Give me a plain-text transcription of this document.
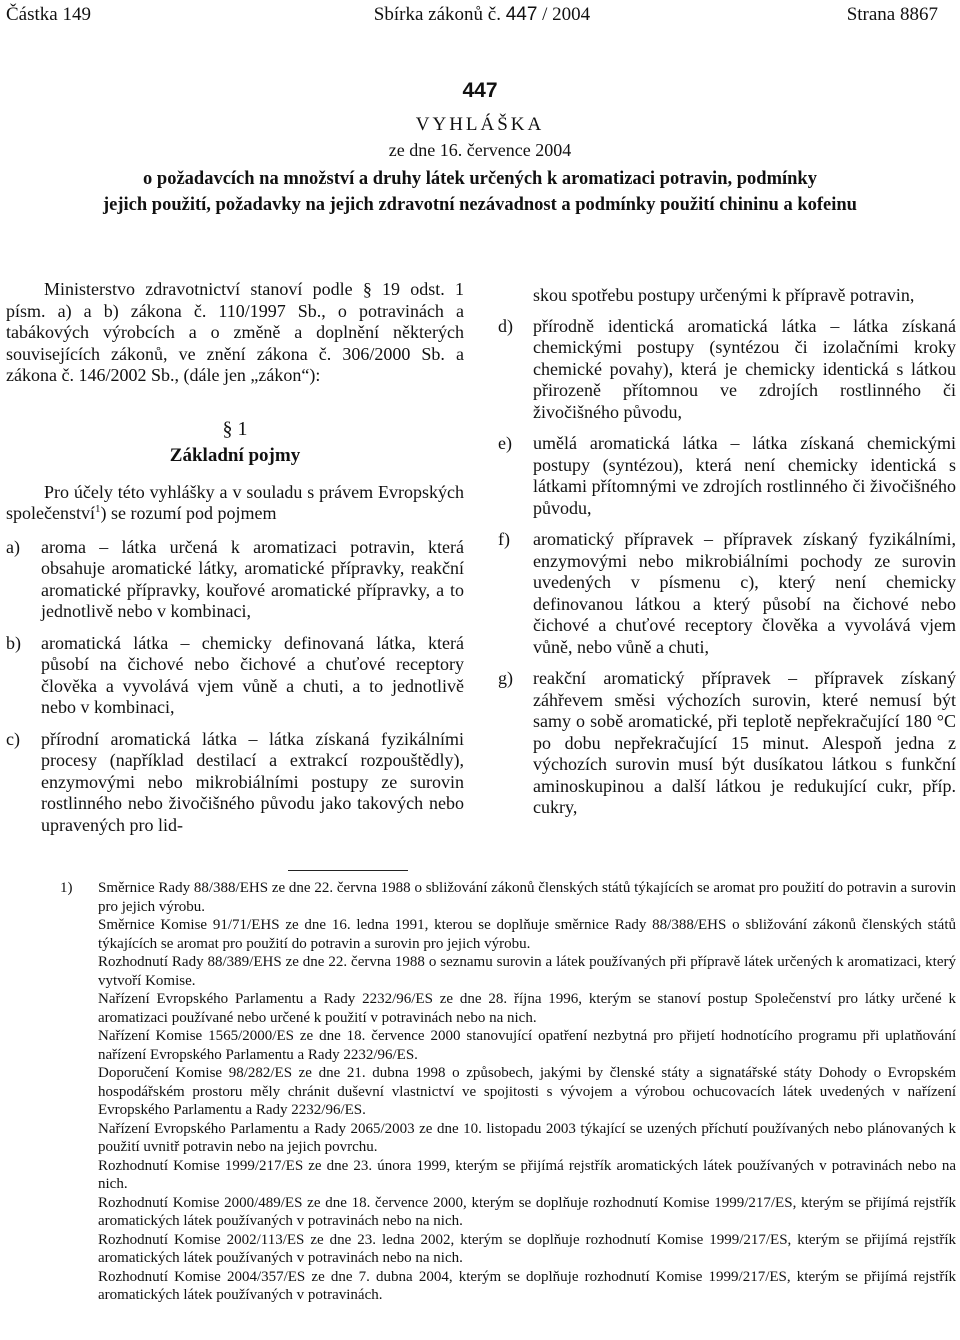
Částka 149	Sbírka zákonů č. 447 / 2004	Strana 8867
447
VYHLÁŠKA
ze dne 16. července 2004
o požadavcích na množství a druhy látek určených k aromatizaci potravin, podmínky
jejich použití, požadavky na jejich zdravotní nezávadnost a podmínky použití chininu a kofeinu

Ministerstvo zdravotnictví stanoví podle § 19 odst. 1 písm. a) a b) zákona č. 110/1997 Sb., o potravinách a tabákových výrobcích a o změně a doplnění některých souvisejících zákonů, ve znění zákona č. 306/2000 Sb. a zákona č. 146/2002 Sb., (dále jen „zákon“):

§ 1
Základní pojmy

Pro účely této vyhlášky a v souladu s právem Evropských společenství$^1$) se rozumí pod pojmem

a) aroma – látka určená k aromatizaci potravin, která obsahuje aromatické látky, aromatické přípravky, reakční aromatické přípravky, kouřové aromatické přípravky, a to jednotlivě nebo v kombinaci,
b) aromatická látka – chemicky definovaná látka, která působí na čichové nebo čichové a chuťové receptory člověka a vyvolává vjem vůně a chuti, a to jednotlivě nebo v kombinaci,
c) přírodní aromatická látka – látka získaná fyzikálními procesy (například destilací a extrakcí rozpouštědly), enzymovými nebo mikrobiálními postupy ze surovin rostlinného nebo živočišného původu jako takových nebo upravených pro lid-
skou spotřebu postupy určenými k přípravě potravin,
d) přírodně identická aromatická látka – látka získaná chemickými postupy (syntézou či izolačními kroky chemické povahy), která je chemicky identická s látkou přirozeně přítomnou ve zdrojích rostlinného či živočišného původu,
e) umělá aromatická látka – látka získaná chemickými postupy (syntézou), která není chemicky identická s látkami přítomnými ve zdrojích rostlinného či živočišného původu,
f) aromatický přípravek – přípravek získaný fyzikálními, enzymovými nebo mikrobiálními pochody ze surovin uvedených v písmenu c), který není chemicky definovanou látkou a který působí na čichové nebo čichové a chuťové receptory člověka a vyvolává vjem vůně, nebo vůně a chuti,
g) reakční aromatický přípravek – přípravek získaný záhřevem směsi výchozích surovin, které nemusí být samy o sobě aromatické, při teplotě nepřekračující 180 °C po dobu nepřekračující 15 minut. Alespoň jedna z výchozích surovin musí být dusíkatou látkou s funkční aminoskupinou a další látkou je redukující cukr, příp. cukry,
1) Směrnice Rady 88/388/EHS ze dne 22. června 1988 o sbližování zákonů členských států týkajících se aromat pro použití do potravin a surovin pro jejich výrobu.
Směrnice Komise 91/71/EHS ze dne 16. ledna 1991, kterou se doplňuje směrnice Rady 88/388/EHS o sbližování zákonů členských států týkajících se aromat pro použití do potravin a surovin pro jejich výrobu.
Rozhodnutí Rady 88/389/EHS ze dne 22. června 1988 o seznamu surovin a látek používaných při přípravě látek určených k aromatizaci, který vytvoří Komise.
Nařízení Evropského Parlamentu a Rady 2232/96/ES ze dne 28. října 1996, kterým se stanoví postup Společenství pro látky určené k aromatizaci používané nebo určené k použití v potravinách nebo na nich.
Nařízení Komise 1565/2000/ES ze dne 18. července 2000 stanovující opatření nezbytná pro přijetí hodnotícího programu při uplatňování nařízení Evropského Parlamentu a Rady 2232/96/ES.
Doporučení Komise 98/282/ES ze dne 21. dubna 1998 o způsobech, jakými by členské státy a signatářské státy Dohody o Evropském hospodářském prostoru měly chránit duševní vlastnictví ve spojitosti s vývojem a výrobou ochucovacích látek uvedených v nařízení Evropského Parlamentu a Rady 2232/96/ES.
Nařízení Evropského Parlamentu a Rady 2065/2003 ze dne 10. listopadu 2003 týkající se uzených příchutí používaných nebo plánovaných k použití uvnitř potravin nebo na jejich povrchu.
Rozhodnutí Komise 1999/217/ES ze dne 23. února 1999, kterým se přijímá rejstřík aromatických látek používaných v potravinách nebo na nich.
Rozhodnutí Komise 2000/489/ES ze dne 18. července 2000, kterým se doplňuje rozhodnutí Komise 1999/217/ES, kterým se přijímá rejstřík aromatických látek používaných v potravinách nebo na nich.
Rozhodnutí Komise 2002/113/ES ze dne 23. ledna 2002, kterým se doplňuje rozhodnutí Komise 1999/217/ES, kterým se přijímá rejstřík aromatických látek používaných v potravinách nebo na nich.
Rozhodnutí Komise 2004/357/ES ze dne 7. dubna 2004, kterým se doplňuje rozhodnutí Komise 1999/217/ES, kterým se přijímá rejstřík aromatických látek používaných v potravinách.
